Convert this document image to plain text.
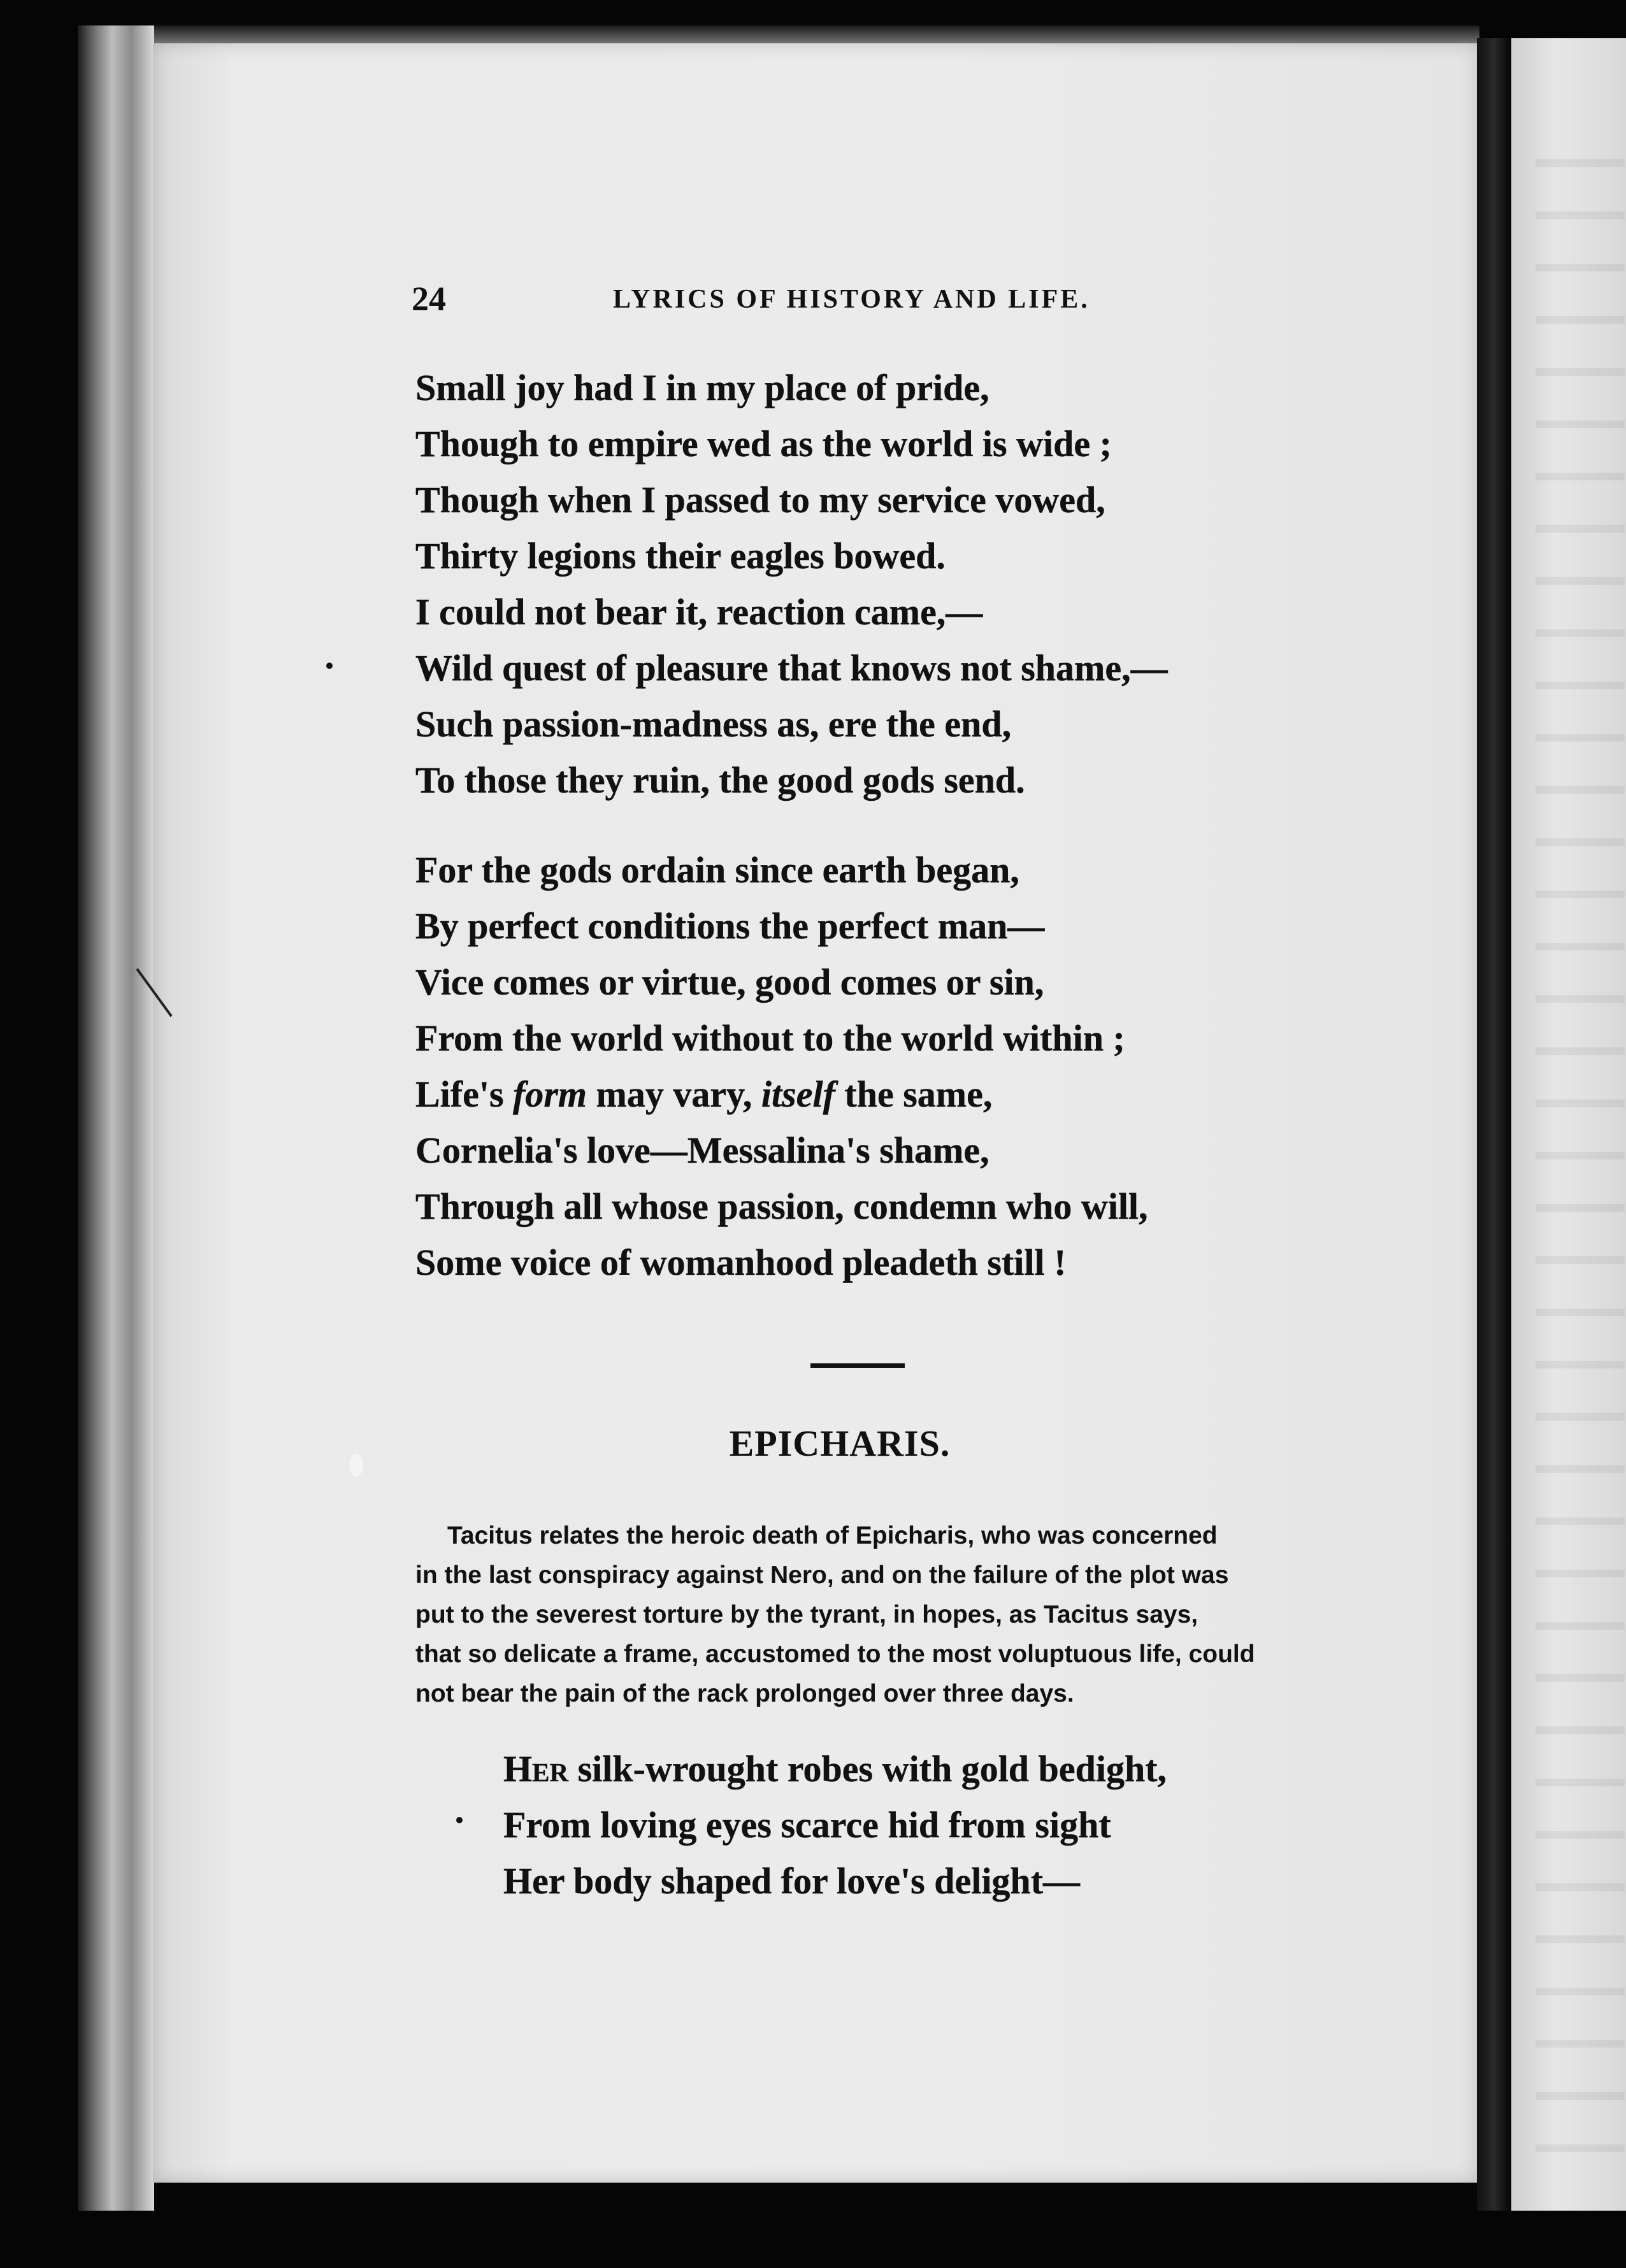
24	LYRICS OF HISTORY AND LIFE.
Small joy had I in my place of pride,
Though to empire wed as the world is wide ;
Though when I passed to my service vowed,
Thirty legions their eagles bowed.
I could not bear it, reaction came,—
Wild quest of pleasure that knows not shame,—
Such passion-madness as, ere the end,
To those they ruin, the good gods send.
For the gods ordain since earth began,
By perfect conditions the perfect man—
Vice comes or virtue, good comes or sin,
From the world without to the world within ;
Life's form may vary, itself the same,
Cornelia's love—Messalina's shame,
Through all whose passion, condemn who will,
Some voice of womanhood pleadeth still !
EPICHARIS.
Tacitus relates the heroic death of Epicharis, who was concerned
in the last conspiracy against Nero, and on the failure of the plot was
put to the severest torture by the tyrant, in hopes, as Tacitus says,
that so delicate a frame, accustomed to the most voluptuous life, could
not bear the pain of the rack prolonged over three days.
Her silk-wrought robes with gold bedight,
From loving eyes scarce hid from sight
Her body shaped for love's delight—
